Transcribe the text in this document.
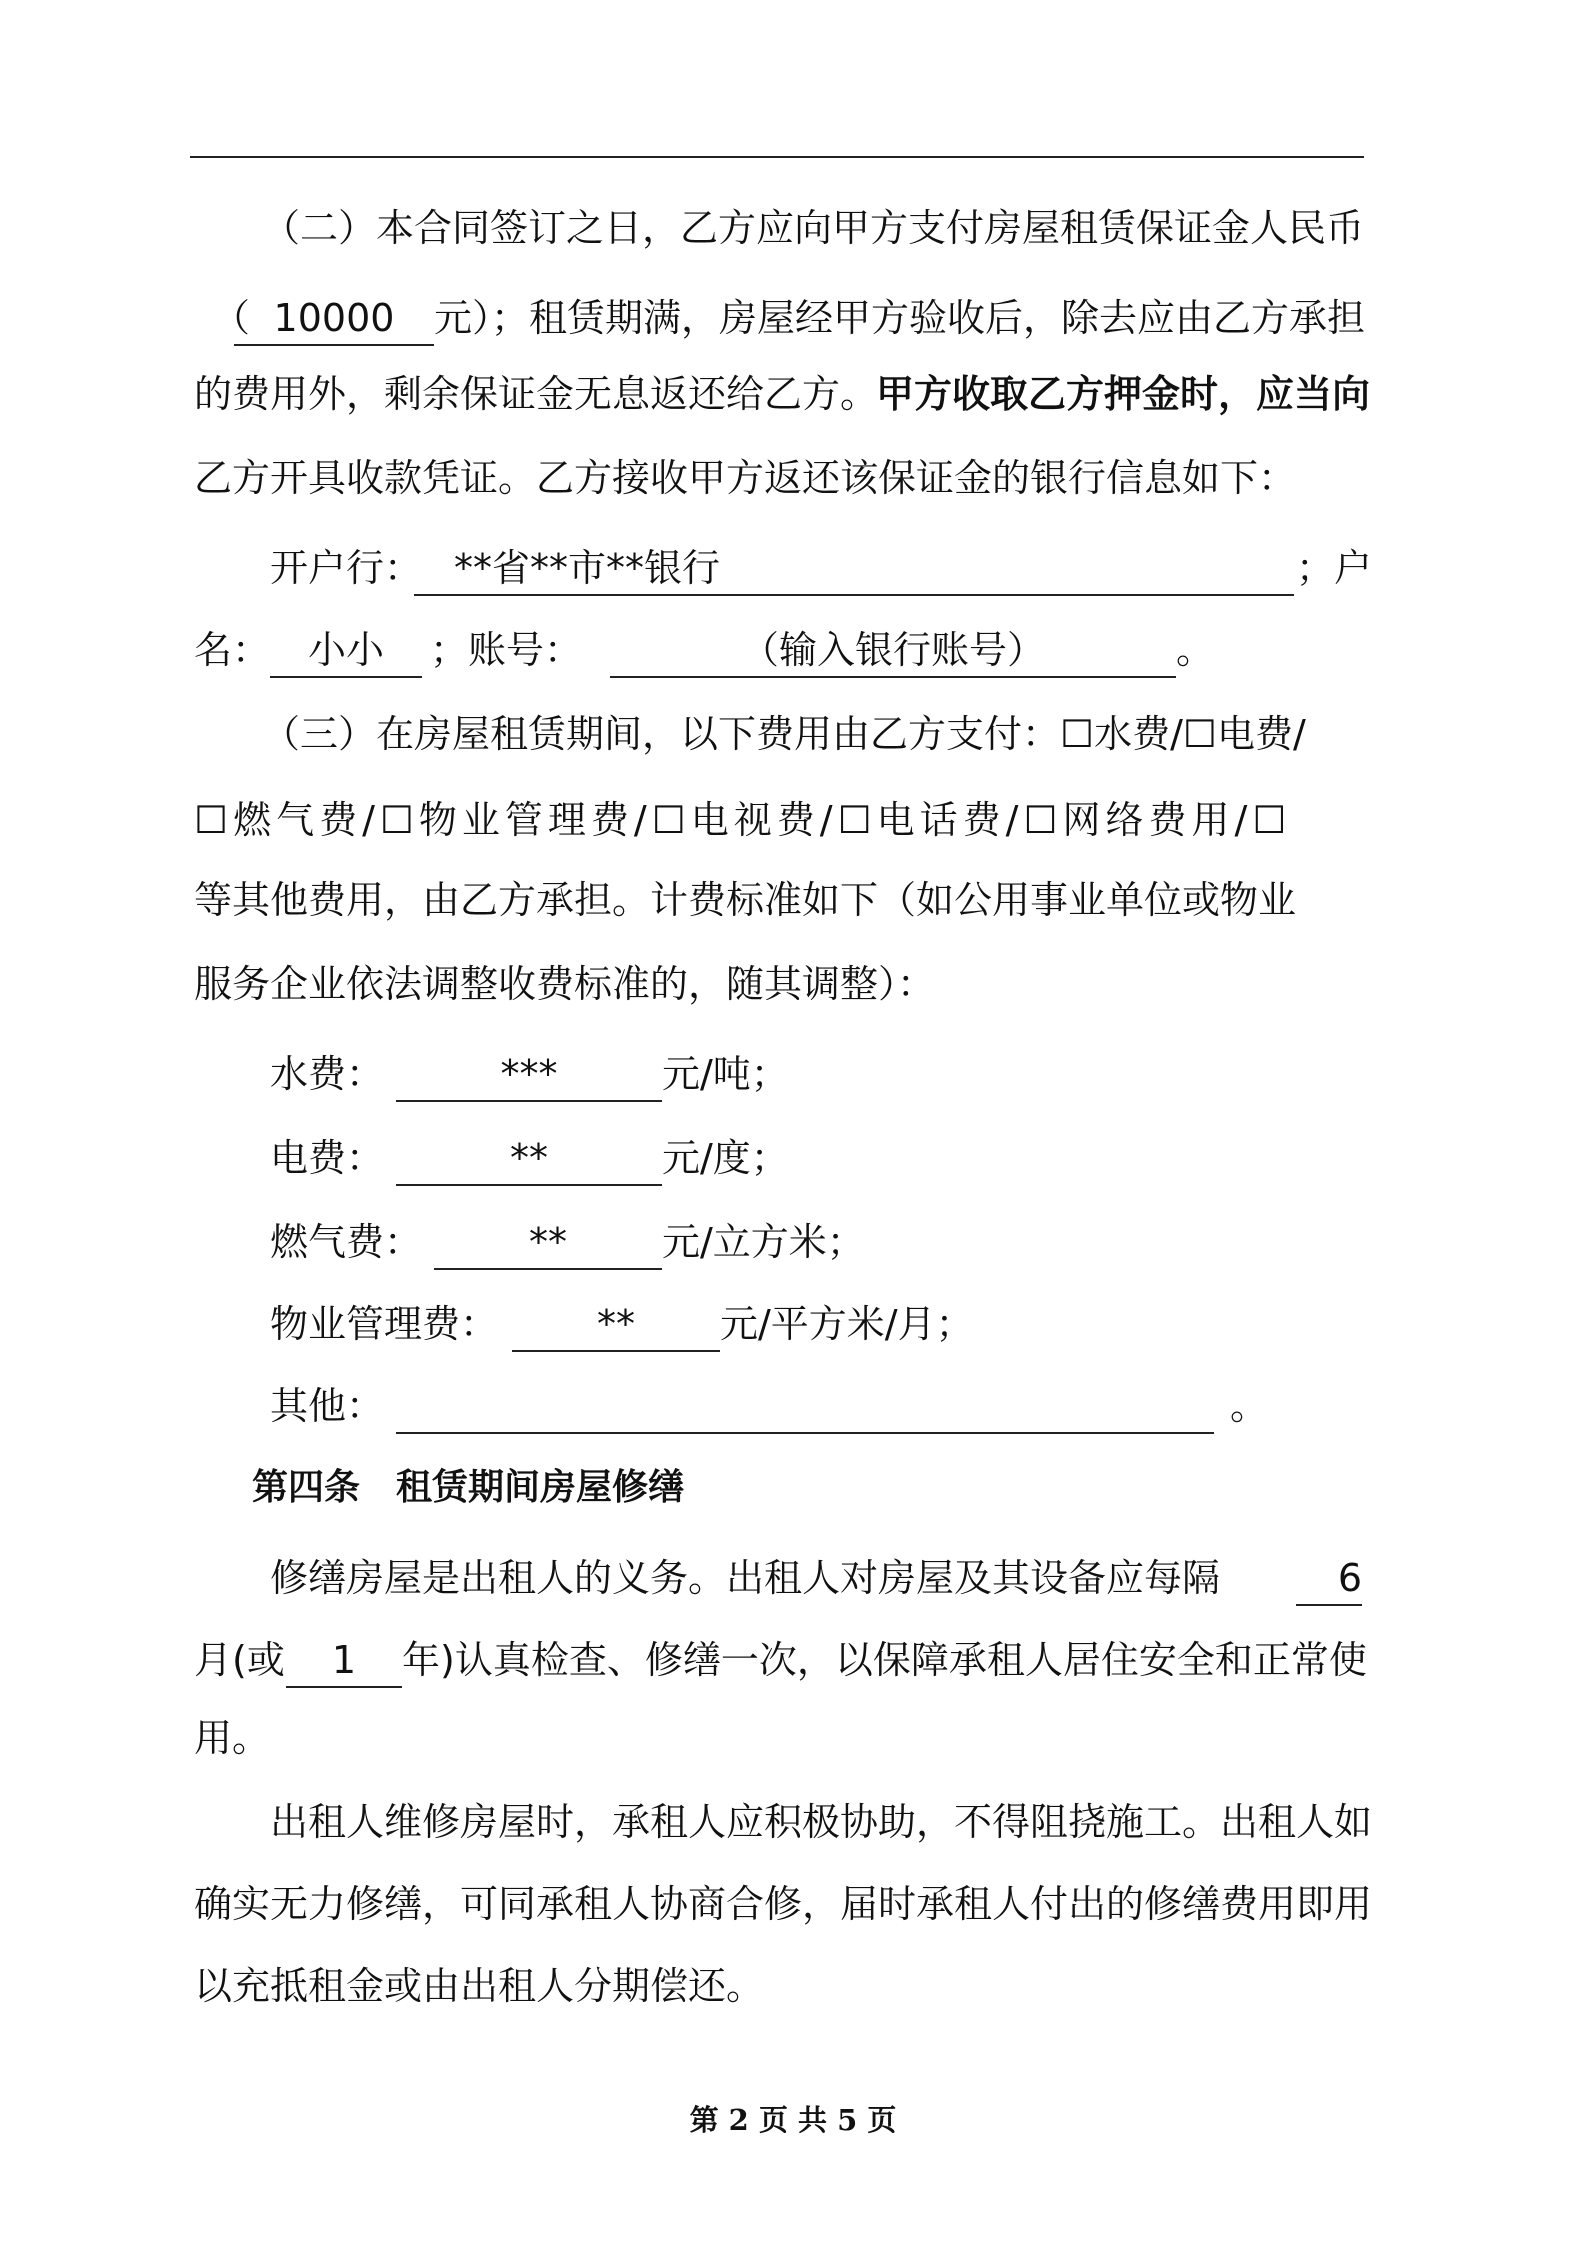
（二）本合同签订之日，乙方应向甲方支付房屋租赁保证金人民币
（ 10000	元）；租赁期满，房屋经甲方验收后，除去应由乙方承担
的费用外，剩余保证金无息返还给乙方。
甲方收取乙方押金时，应当向
乙方开具收款凭证。乙方接收甲方返还该保证金的银行信息如下：
开户行： **省**市**银行	；户
名： 小小	；账号：	（输入银行账号）	。
（三）在房屋租赁期间，以下费用由乙方支付：☐水费/☐电费/
☐燃气费/☐物业管理费/☐电视费/☐电话费/☐网络费用/☐
等其他费用，由乙方承担。计费标准如下（如公用事业单位或物业
服务企业依法调整收费标准的，随其调整）：
水费：	***	元/吨；
电费：	**	元/度；
燃气费：	**	元/立方米；
物业管理费：	**	元/平方米/月；
其他：	。
第四条　租赁期间房屋修缮
修缮房屋是出租人的义务。出租人对房屋及其设备应每隔	6
月(或	1	年)认真检查、修缮一次，以保障承租人居住安全和正常使
用。
出租人维修房屋时，承租人应积极协助，不得阻挠施工。出租人如
确实无力修缮，可同承租人协商合修，届时承租人付出的修缮费用即用
以充抵租金或由出租人分期偿还。
第 2 页 共 5 页
